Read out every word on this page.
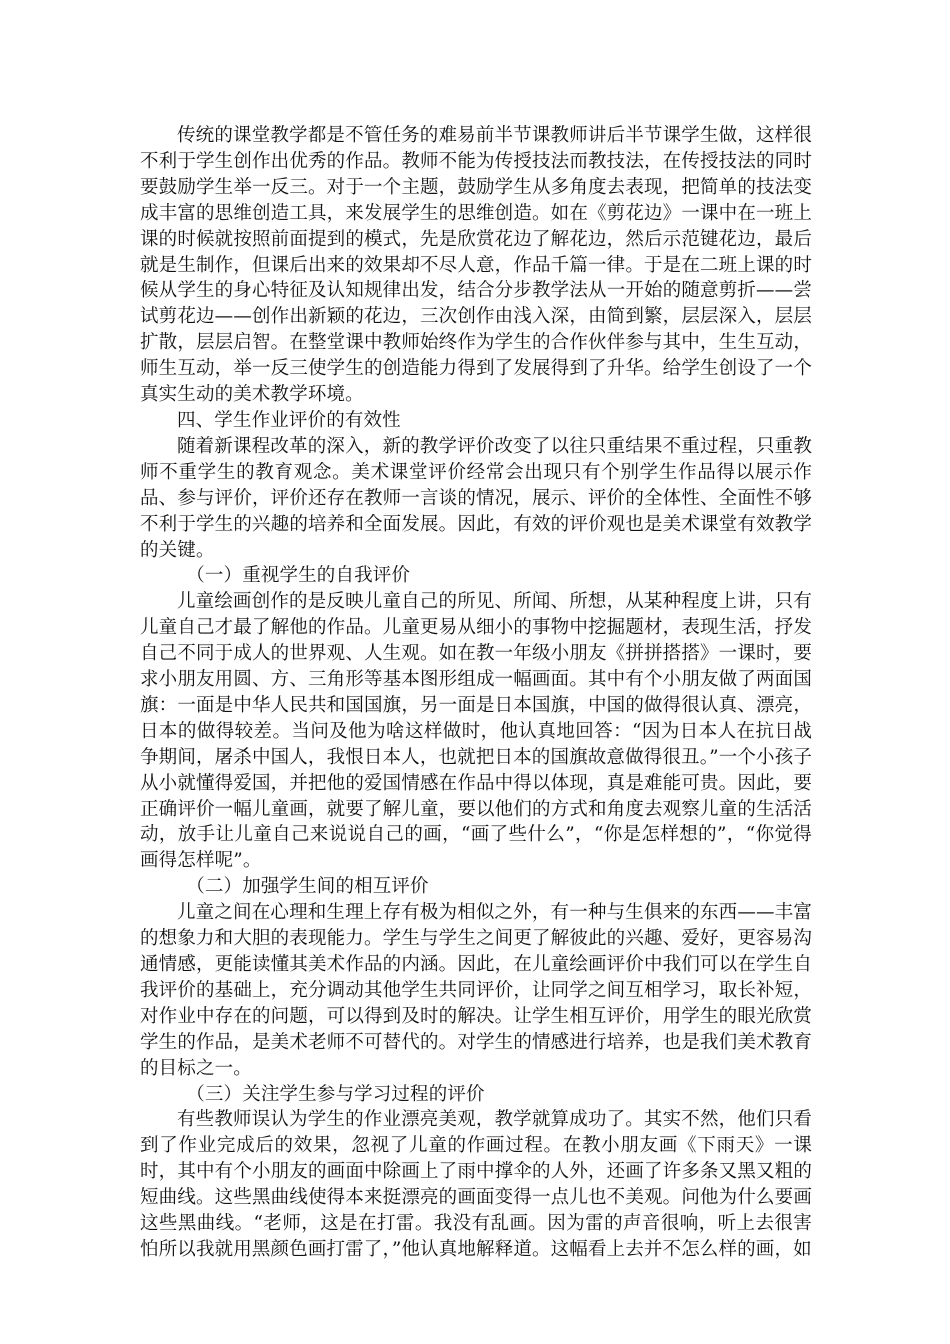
传统的课堂教学都是不管任务的难易前半节课教师讲后半节课学生做，这样很不利于学生创作出优秀的作品。教师不能为传授技法而教技法，在传授技法的同时要鼓励学生举一反三。对于一个主题，鼓励学生从多角度去表现，把简单的技法变成丰富的思维创造工具，来发展学生的思维创造。如在《剪花边》一课中在一班上课的时候就按照前面提到的模式，先是欣赏花边了解花边，然后示范键花边，最后就是生制作，但课后出来的效果却不尽人意，作品千篇一律。于是在二班上课的时候从学生的身心特征及认知规律出发，结合分步教学法从一开始的随意剪折——尝试剪花边——创作出新颖的花边，三次创作由浅入深，由简到繁，层层深入，层层扩散，层层启智。在整堂课中教师始终作为学生的合作伙伴参与其中，生生互动，师生互动，举一反三使学生的创造能力得到了发展得到了升华。给学生创设了一个真实生动的美术教学环境。

四、学生作业评价的有效性

随着新课程改革的深入，新的教学评价改变了以往只重结果不重过程，只重教师不重学生的教育观念。美术课堂评价经常会出现只有个别学生作品得以展示作品、参与评价，评价还存在教师一言谈的情况，展示、评价的全体性、全面性不够不利于学生的兴趣的培养和全面发展。因此，有效的评价观也是美术课堂有效教学的关键。

（一）重视学生的自我评价

儿童绘画创作的是反映儿童自己的所见、所闻、所想，从某种程度上讲，只有儿童自己才最了解他的作品。儿童更易从细小的事物中挖掘题材，表现生活，抒发自己不同于成人的世界观、人生观。如在教一年级小朋友《拼拼搭搭》一课时，要求小朋友用圆、方、三角形等基本图形组成一幅画面。其中有个小朋友做了两面国旗：一面是中华人民共和国国旗，另一面是日本国旗，中国的做得很认真、漂亮，日本的做得较差。当问及他为啥这样做时，他认真地回答：“因为日本人在抗日战争期间，屠杀中国人，我恨日本人，也就把日本的国旗故意做得很丑。”一个小孩子从小就懂得爱国，并把他的爱国情感在作品中得以体现，真是难能可贵。因此，要正确评价一幅儿童画，就要了解儿童，要以他们的方式和角度去观察儿童的生活活动，放手让儿童自己来说说自己的画，“画了些什么”，“你是怎样想的”，“你觉得画得怎样呢”。

（二）加强学生间的相互评价

儿童之间在心理和生理上存有极为相似之外，有一种与生俱来的东西——丰富的想象力和大胆的表现能力。学生与学生之间更了解彼此的兴趣、爱好，更容易沟通情感，更能读懂其美术作品的内涵。因此，在儿童绘画评价中我们可以在学生自我评价的基础上，充分调动其他学生共同评价，让同学之间互相学习，取长补短，对作业中存在的问题，可以得到及时的解决。让学生相互评价，用学生的眼光欣赏学生的作品，是美术老师不可替代的。对学生的情感进行培养，也是我们美术教育的目标之一。

（三）关注学生参与学习过程的评价

有些教师误认为学生的作业漂亮美观，教学就算成功了。其实不然，他们只看到了作业完成后的效果，忽视了儿童的作画过程。在教小朋友画《下雨天》一课时，其中有个小朋友的画面中除画上了雨中撑伞的人外，还画了许多条又黑又粗的短曲线。这些黑曲线使得本来挺漂亮的画面变得一点儿也不美观。问他为什么要画这些黑曲线。“老师，这是在打雷。我没有乱画。因为雷的声音很响，听上去很害怕所以我就用黑颜色画打雷了，”他认真地解释道。这幅看上去并不怎么样的画，如
